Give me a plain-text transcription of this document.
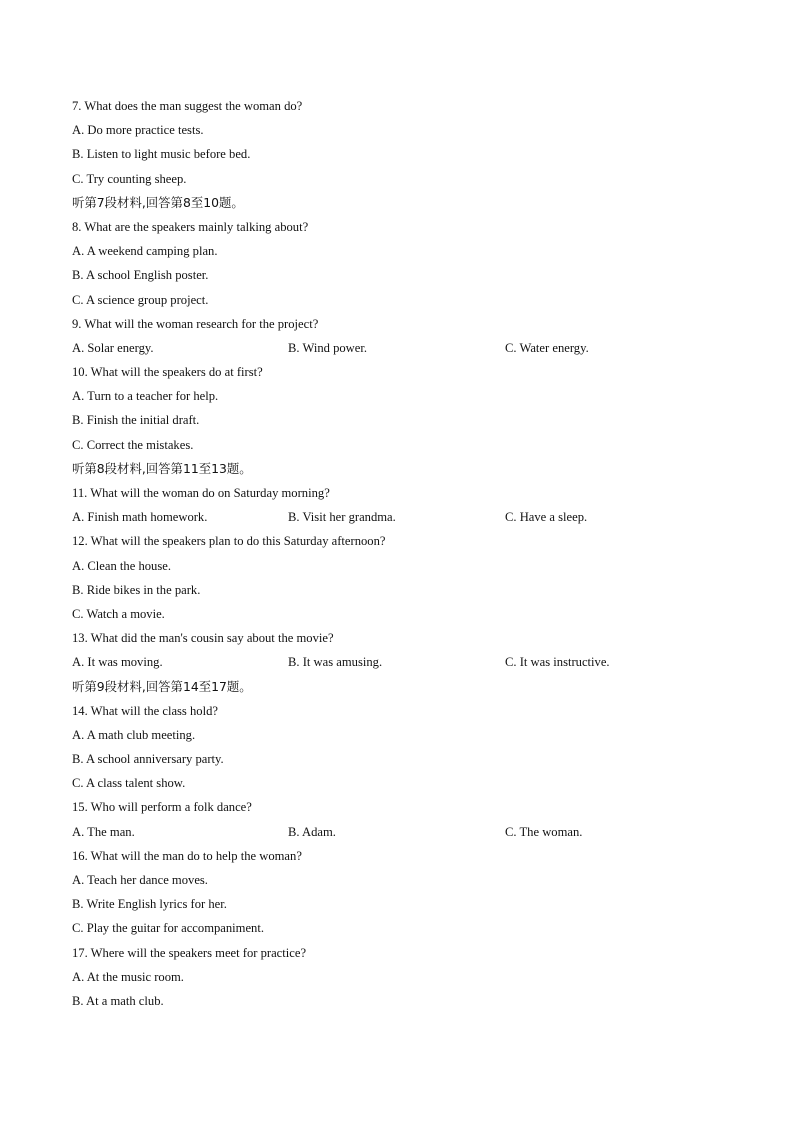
7. What does the man suggest the woman do?
A. Do more practice tests.
B. Listen to light music before bed.
C. Try counting sheep.
听第7段材料,回答第8至10题。
8. What are the speakers mainly talking about?
A. A weekend camping plan.
B. A school English poster.
C. A science group project.
9. What will the woman research for the project?
A. Solar energy.	B. Wind power.	C. Water energy.
10. What will the speakers do at first?
A. Turn to a teacher for help.
B. Finish the initial draft.
C. Correct the mistakes.
听第8段材料,回答第11至13题。
11. What will the woman do on Saturday morning?
A. Finish math homework.	B. Visit her grandma.	C. Have a sleep.
12. What will the speakers plan to do this Saturday afternoon?
A. Clean the house.
B. Ride bikes in the park.
C. Watch a movie.
13. What did the man's cousin say about the movie?
A. It was moving.	B. It was amusing.	C. It was instructive.
听第9段材料,回答第14至17题。
14. What will the class hold?
A. A math club meeting.
B. A school anniversary party.
C. A class talent show.
15. Who will perform a folk dance?
A. The man.	B. Adam.	C. The woman.
16. What will the man do to help the woman?
A. Teach her dance moves.
B. Write English lyrics for her.
C. Play the guitar for accompaniment.
17. Where will the speakers meet for practice?
A. At the music room.
B. At a math club.
